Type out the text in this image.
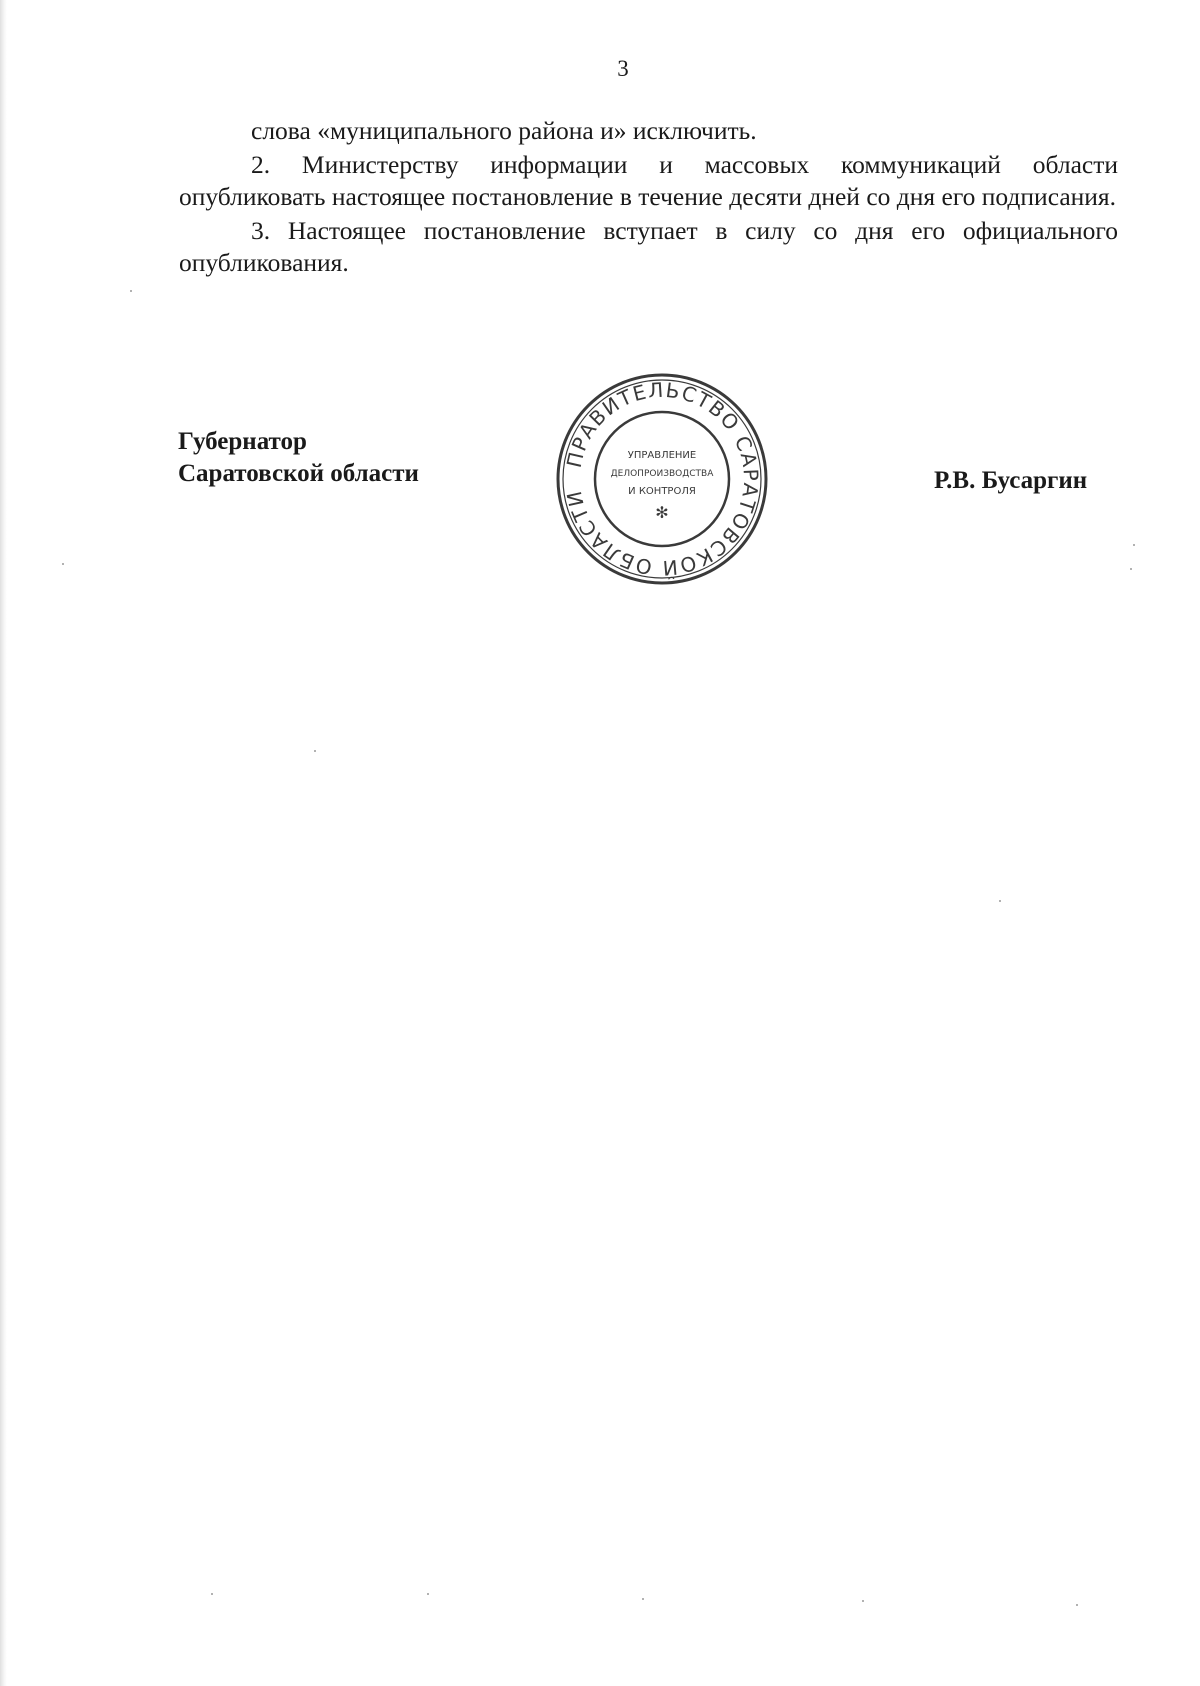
3

слова «муниципального района и» исключить.

2. Министерству информации и массовых коммуникаций области опубликовать настоящее постановление в течение десяти дней со дня его подписания.

3. Настоящее постановление вступает в силу со дня его официального опубликования.

Губернатор
Саратовской области
ПРАВИТЕЛЬСТВО САРАТОВСКОЙ ОБЛАСТИ
✻
УПРАВЛЕНИЕ
ДЕЛОПРОИЗВОДСТВА
И КОНТРОЛЯ	Р.В. Бусаргин
